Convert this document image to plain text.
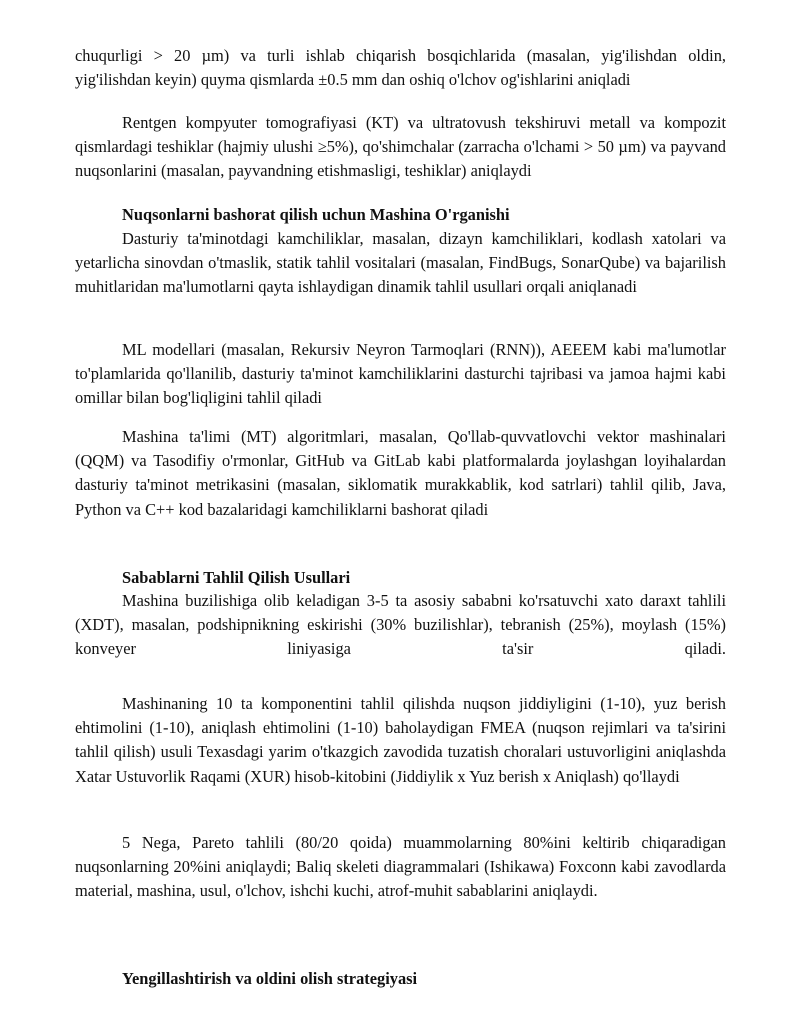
chuqurligi > 20 µm) va turli ishlab chiqarish bosqichlarida (masalan, yig'ilishdan oldin, yig'ilishdan keyin) quyma qismlarda ±0.5 mm dan oshiq o'lchov og'ishlarini aniqladi

Rentgen kompyuter tomografiyasi (KT) va ultratovush tekshiruvi metall va kompozit qismlardagi teshiklar (hajmiy ulushi ≥5%), qo'shimchalar (zarracha o'lchami > 50 µm) va payvand nuqsonlarini (masalan, payvandning etishmasligi, teshiklar) aniqlaydi

Nuqsonlarni bashorat qilish uchun Mashina O'rganishi

Dasturiy ta'minotdagi kamchiliklar, masalan, dizayn kamchiliklari, kodlash xatolari va yetarlicha sinovdan o'tmaslik, statik tahlil vositalari (masalan, FindBugs, SonarQube) va bajarilish muhitlaridan ma'lumotlarni qayta ishlaydigan dinamik tahlil usullari orqali aniqlanadi

ML modellari (masalan, Rekursiv Neyron Tarmoqlari (RNN)), AEEEM kabi ma'lumotlar to'plamlarida qo'llanilib, dasturiy ta'minot kamchiliklarini dasturchi tajribasi va jamoa hajmi kabi omillar bilan bog'liqligini tahlil qiladi

Mashina ta'limi (MT) algoritmlari, masalan, Qo'llab-quvvatlovchi vektor mashinalari (QQM) va Tasodifiy o'rmonlar, GitHub va GitLab kabi platformalarda joylashgan loyihalardan dasturiy ta'minot metrikasini (masalan, siklomatik murakkablik, kod satrlari) tahlil qilib, Java, Python va C++ kod bazalaridagi kamchiliklarni bashorat qiladi

Sabablarni Tahlil Qilish Usullari

Mashina buzilishiga olib keladigan 3-5 ta asosiy sababni ko'rsatuvchi xato daraxt tahlili (XDT), masalan, podshipnikning eskirishi (30% buzilishlar), tebranish (25%), moylash (15%) konveyer liniyasiga ta'sir qiladi.

Mashinaning 10 ta komponentini tahlil qilishda nuqson jiddiyligini (1-10), yuz berish ehtimolini (1-10), aniqlash ehtimolini (1-10) baholaydigan FMEA (nuqson rejimlari va ta'sirini tahlil qilish) usuli Texasdagi yarim o'tkazgich zavodida tuzatish choralari ustuvorligini aniqlashda Xatar Ustuvorlik Raqami (XUR) hisob-kitobini (Jiddiylik x Yuz berish x Aniqlash) qo'llaydi

5 Nega, Pareto tahlili (80/20 qoida) muammolarning 80%ini keltirib chiqaradigan nuqsonlarning 20%ini aniqlaydi; Baliq skeleti diagrammalari (Ishikawa) Foxconn kabi zavodlarda material, mashina, usul, o'lchov, ishchi kuchi, atrof-muhit sabablarini aniqlaydi.

Yengillashtirish va oldini olish strategiyasi
